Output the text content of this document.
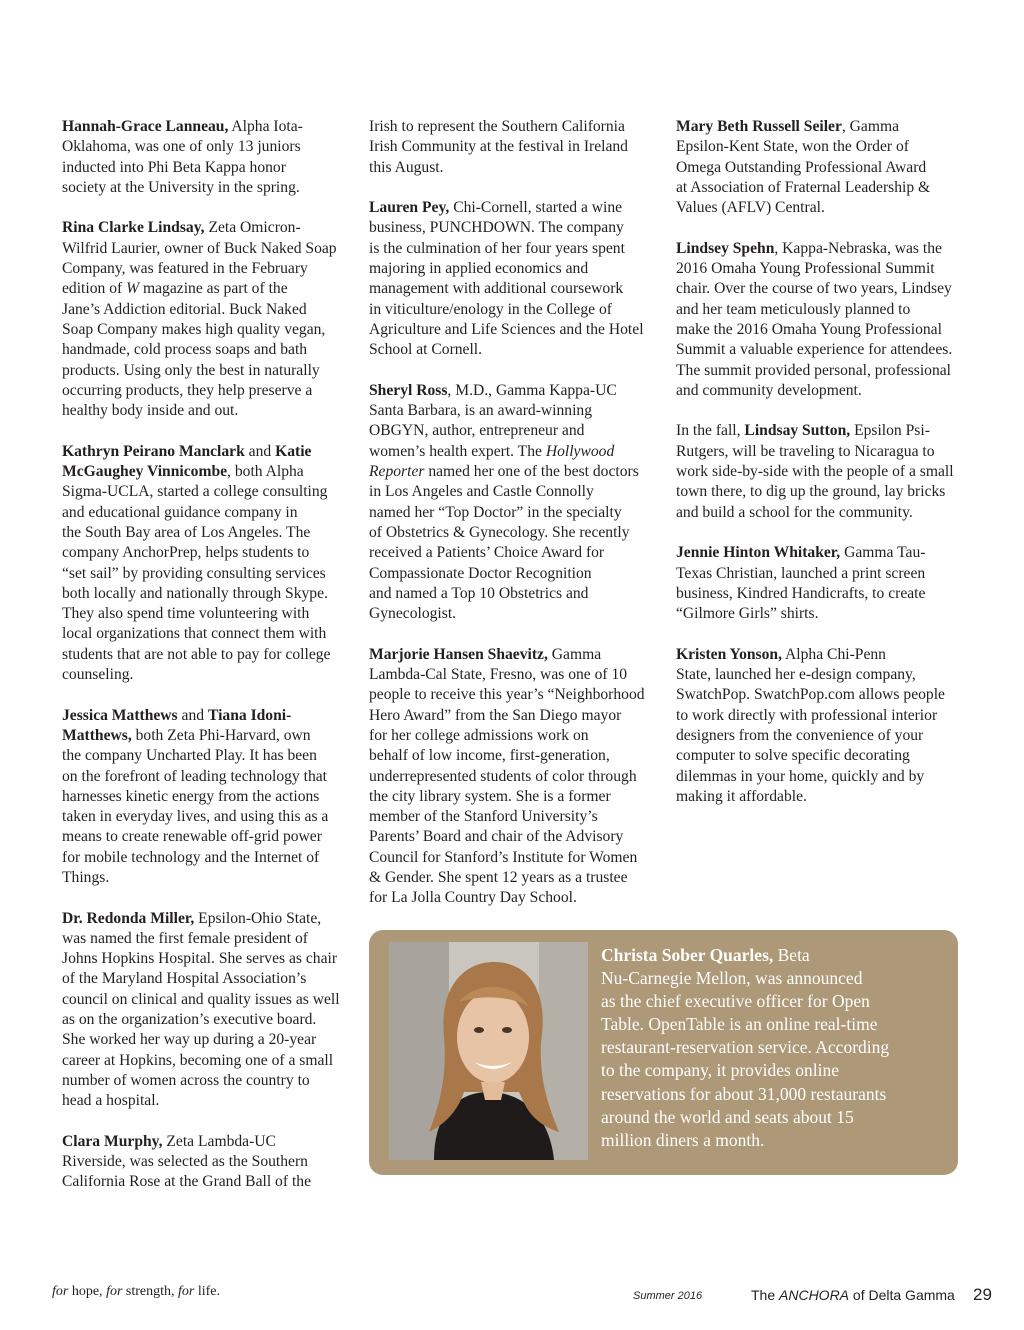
Hannah-Grace Lanneau, Alpha Iota-
Oklahoma, was one of only 13 juniors
inducted into Phi Beta Kappa honor
society at the University in the spring.

Rina Clarke Lindsay, Zeta Omicron-
Wilfrid Laurier, owner of Buck Naked Soap
Company, was featured in the February
edition of W magazine as part of the
Jane’s Addiction editorial. Buck Naked
Soap Company makes high quality vegan,
handmade, cold process soaps and bath
products. Using only the best in naturally
occurring products, they help preserve a
healthy body inside and out.

Kathryn Peirano Manclark and Katie
McGaughey Vinnicombe, both Alpha
Sigma-UCLA, started a college consulting
and educational guidance company in
the South Bay area of Los Angeles. The
company AnchorPrep, helps students to
“set sail” by providing consulting services
both locally and nationally through Skype.
They also spend time volunteering with
local organizations that connect them with
students that are not able to pay for college
counseling.

Jessica Matthews and Tiana Idoni-
Matthews, both Zeta Phi-Harvard, own
the company Uncharted Play. It has been
on the forefront of leading technology that
harnesses kinetic energy from the actions
taken in everyday lives, and using this as a
means to create renewable off-grid power
for mobile technology and the Internet of
Things.

Dr. Redonda Miller, Epsilon-Ohio State,
was named the first female president of
Johns Hopkins Hospital. She serves as chair
of the Maryland Hospital Association’s
council on clinical and quality issues as well
as on the organization’s executive board.
She worked her way up during a 20-year
career at Hopkins, becoming one of a small
number of women across the country to
head a hospital.

Clara Murphy, Zeta Lambda-UC
Riverside, was selected as the Southern
California Rose at the Grand Ball of the

Irish to represent the Southern California
Irish Community at the festival in Ireland
this August.

Lauren Pey, Chi-Cornell, started a wine
business, PUNCHDOWN. The company
is the culmination of her four years spent
majoring in applied economics and
management with additional coursework
in viticulture/enology in the College of
Agriculture and Life Sciences and the Hotel
School at Cornell.

Sheryl Ross, M.D., Gamma Kappa-UC
Santa Barbara, is an award-winning
OBGYN, author, entrepreneur and
women’s health expert. The Hollywood
Reporter named her one of the best doctors
in Los Angeles and Castle Connolly
named her “Top Doctor” in the specialty
of Obstetrics & Gynecology. She recently
received a Patients’ Choice Award for
Compassionate Doctor Recognition
and named a Top 10 Obstetrics and
Gynecologist.

Marjorie Hansen Shaevitz, Gamma
Lambda-Cal State, Fresno, was one of 10
people to receive this year’s “Neighborhood
Hero Award” from the San Diego mayor
for her college admissions work on
behalf of low income, first-generation,
underrepresented students of color through
the city library system. She is a former
member of the Stanford University’s
Parents’ Board and chair of the Advisory
Council for Stanford’s Institute for Women
& Gender. She spent 12 years as a trustee
for La Jolla Country Day School.

Mary Beth Russell Seiler, Gamma
Epsilon-Kent State, won the Order of
Omega Outstanding Professional Award
at Association of Fraternal Leadership &
Values (AFLV) Central.

Lindsey Spehn, Kappa-Nebraska, was the
2016 Omaha Young Professional Summit
chair. Over the course of two years, Lindsey
and her team meticulously planned to
make the 2016 Omaha Young Professional
Summit a valuable experience for attendees.
The summit provided personal, professional
and community development.

In the fall, Lindsay Sutton, Epsilon Psi-
Rutgers, will be traveling to Nicaragua to
work side-by-side with the people of a small
town there, to dig up the ground, lay bricks
and build a school for the community.

Jennie Hinton Whitaker, Gamma Tau-
Texas Christian, launched a print screen
business, Kindred Handicrafts, to create
“Gilmore Girls” shirts.

Kristen Yonson, Alpha Chi-Penn
State, launched her e-design company,
SwatchPop. SwatchPop.com allows people
to work directly with professional interior
designers from the convenience of your
computer to solve specific decorating
dilemmas in your home, quickly and by
making it affordable.

Christa Sober Quarles, Beta
Nu-Carnegie Mellon, was announced
as the chief executive officer for Open
Table. OpenTable is an online real-time
restaurant-reservation service. According
to the company, it provides online
reservations for about 31,000 restaurants
around the world and seats about 15
million diners a month.
for hope, for strength, for life.	Summer 2016	The ANCHORA of Delta Gamma 29
